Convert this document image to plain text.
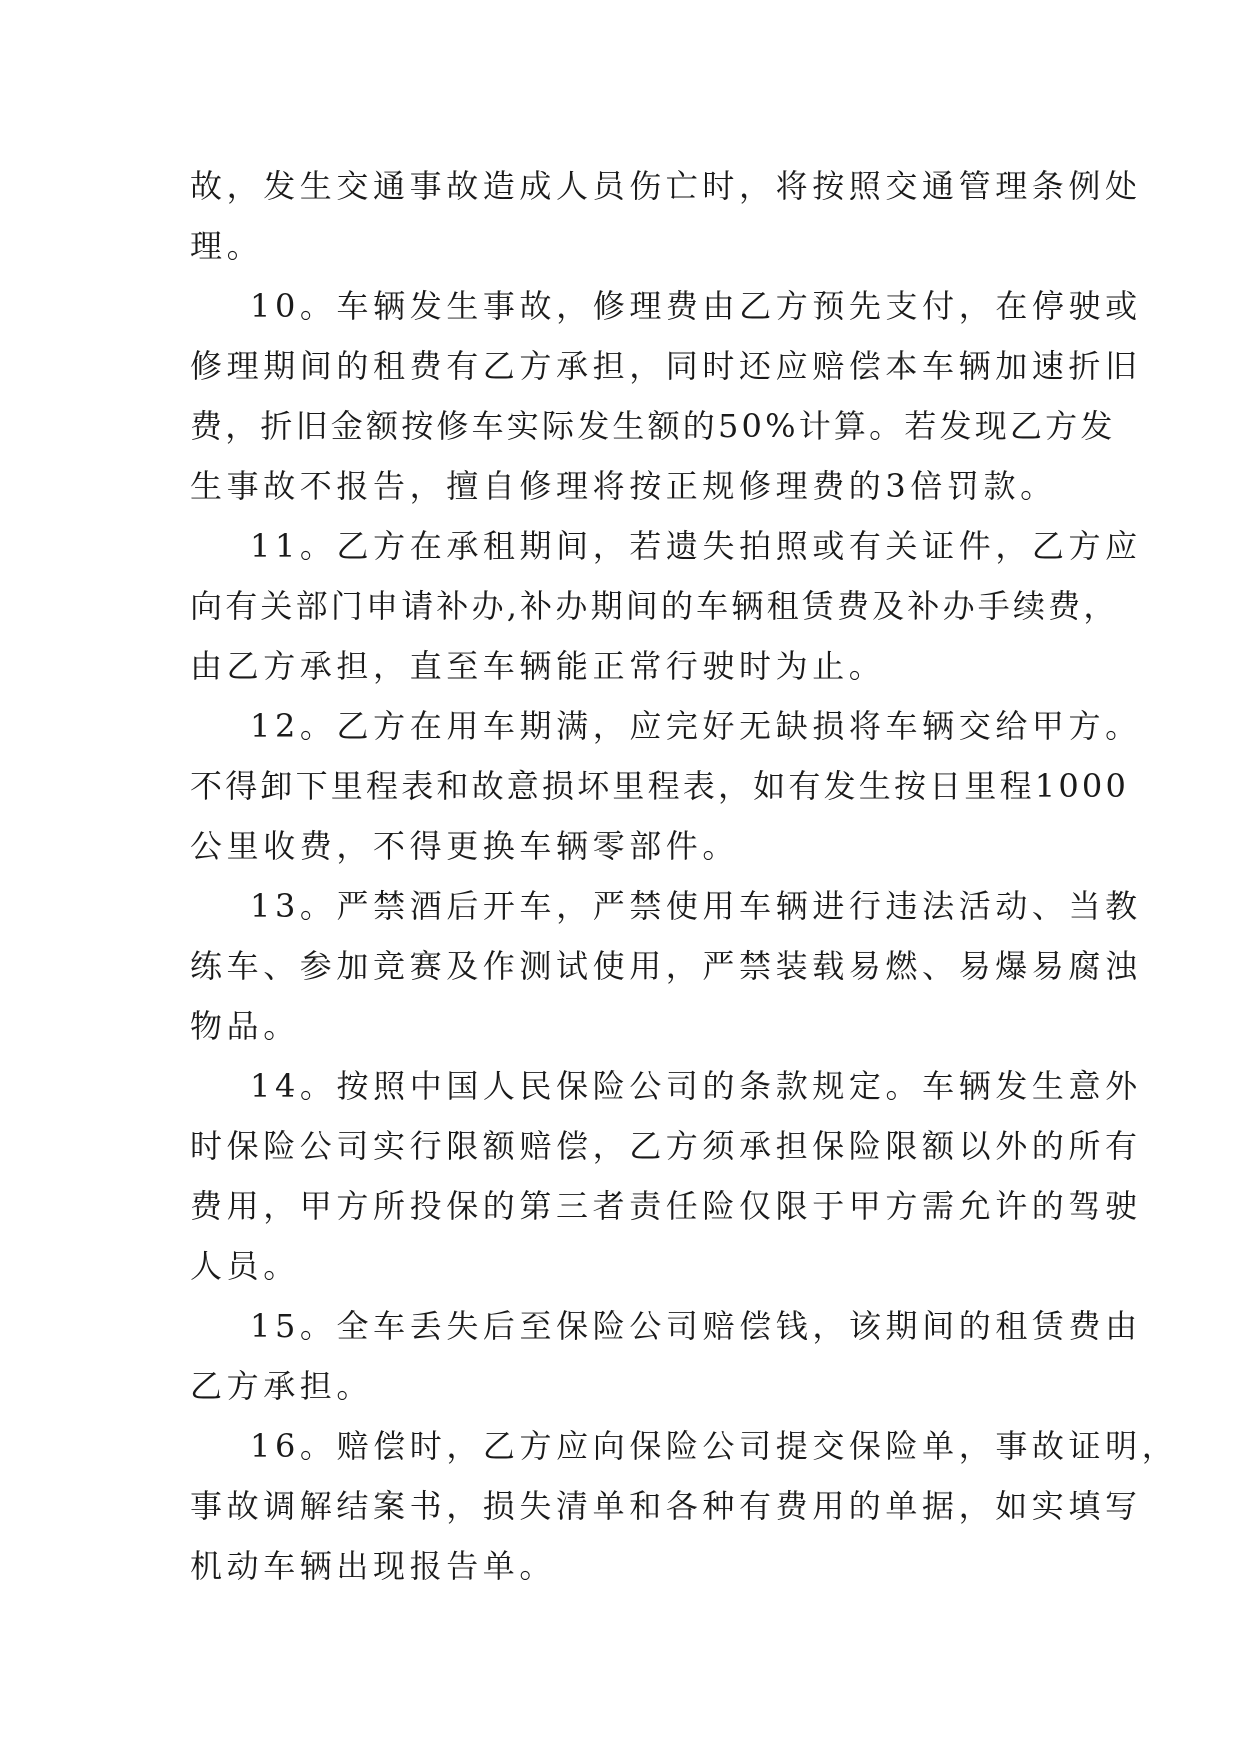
故，发生交通事故造成人员伤亡时，将按照交通管理条例处
理。
10。车辆发生事故，修理费由乙方预先支付，在停驶或
修理期间的租费有乙方承担，同时还应赔偿本车辆加速折旧
费，折旧金额按修车实际发生额的50%计算。若发现乙方发
生事故不报告，擅自修理将按正规修理费的3倍罚款。
11。乙方在承租期间，若遗失拍照或有关证件，乙方应
向有关部门申请补办,补办期间的车辆租赁费及补办手续费，
由乙方承担，直至车辆能正常行驶时为止。
12。乙方在用车期满，应完好无缺损将车辆交给甲方。
不得卸下里程表和故意损坏里程表，如有发生按日里程1000
公里收费，不得更换车辆零部件。
13。严禁酒后开车，严禁使用车辆进行违法活动、当教
练车、参加竞赛及作测试使用，严禁装载易燃、易爆易腐浊
物品。
14。按照中国人民保险公司的条款规定。车辆发生意外
时保险公司实行限额赔偿，乙方须承担保险限额以外的所有
费用，甲方所投保的第三者责任险仅限于甲方需允许的驾驶
人员。
15。全车丢失后至保险公司赔偿钱，该期间的租赁费由
乙方承担。
16。赔偿时，乙方应向保险公司提交保险单，事故证明，
事故调解结案书，损失清单和各种有费用的单据，如实填写
机动车辆出现报告单。
